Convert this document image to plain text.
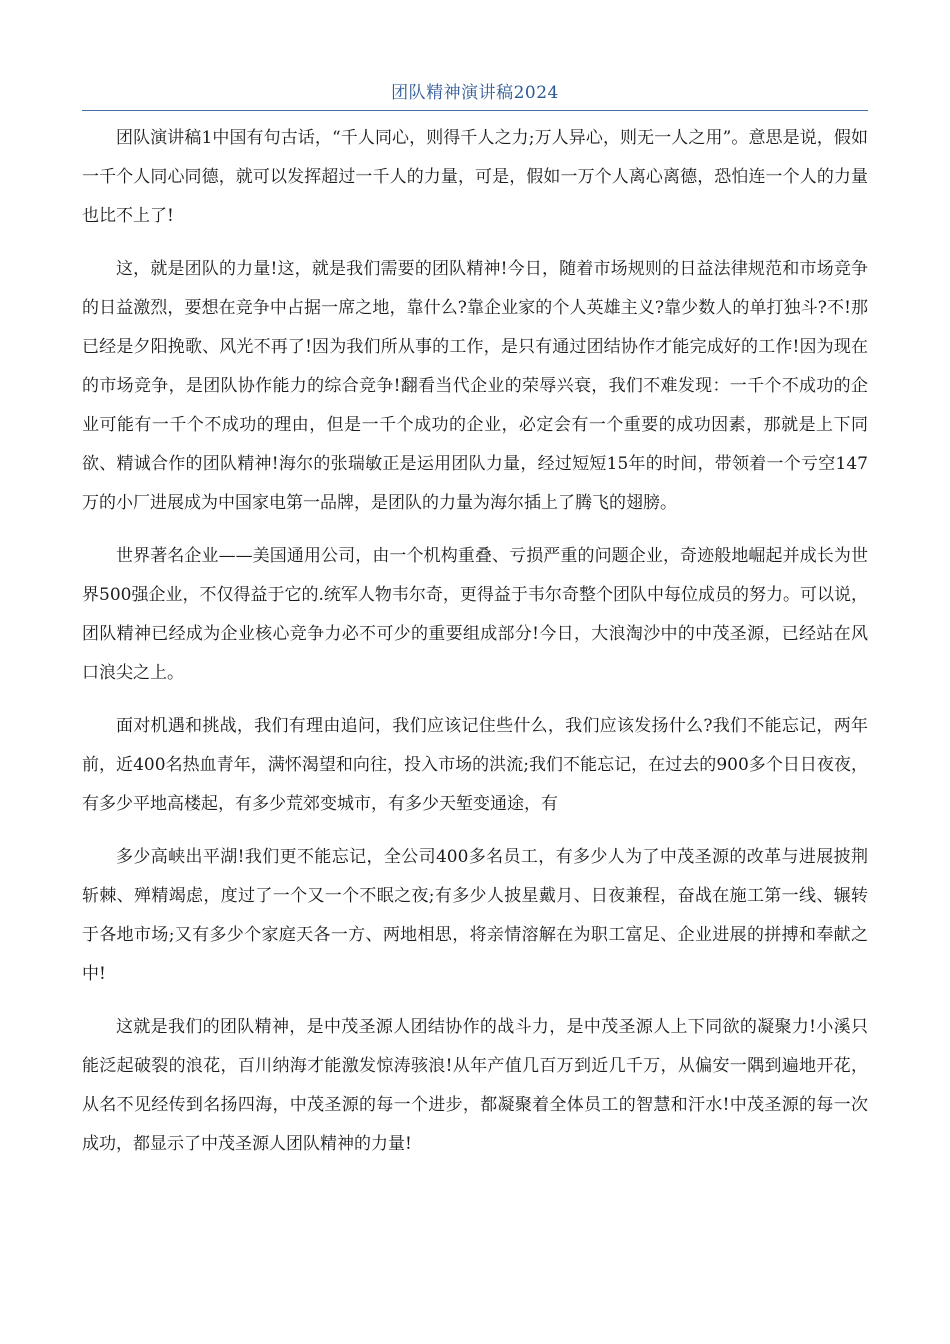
团队精神演讲稿2024

团队演讲稿1中国有句古话，“千人同心，则得千人之力;万人异心，则无一人之用”。意思是说，假如一千个人同心同德，就可以发挥超过一千人的力量，可是，假如一万个人离心离德，恐怕连一个人的力量也比不上了!

这，就是团队的力量!这，就是我们需要的团队精神!今日，随着市场规则的日益法律规范和市场竞争的日益激烈，要想在竞争中占据一席之地，靠什么?靠企业家的个人英雄主义?靠少数人的单打独斗?不!那已经是夕阳挽歌、风光不再了!因为我们所从事的工作，是只有通过团结协作才能完成好的工作!因为现在的市场竞争，是团队协作能力的综合竞争!翻看当代企业的荣辱兴衰，我们不难发现：一千个不成功的企业可能有一千个不成功的理由，但是一千个成功的企业，必定会有一个重要的成功因素，那就是上下同欲、精诚合作的团队精神!海尔的张瑞敏正是运用团队力量，经过短短15年的时间，带领着一个亏空147万的小厂进展成为中国家电第一品牌，是团队的力量为海尔插上了腾飞的翅膀。

世界著名企业——美国通用公司，由一个机构重叠、亏损严重的问题企业，奇迹般地崛起并成长为世界500强企业，不仅得益于它的.统军人物韦尔奇，更得益于韦尔奇整个团队中每位成员的努力。可以说，团队精神已经成为企业核心竞争力必不可少的重要组成部分!今日，大浪淘沙中的中茂圣源，已经站在风口浪尖之上。

面对机遇和挑战，我们有理由追问，我们应该记住些什么，我们应该发扬什么?我们不能忘记，两年前，近400名热血青年，满怀渴望和向往，投入市场的洪流;我们不能忘记，在过去的900多个日日夜夜，有多少平地高楼起，有多少荒郊变城市，有多少天堑变通途，有

多少高峡出平湖!我们更不能忘记，全公司400多名员工，有多少人为了中茂圣源的改革与进展披荆斩棘、殚精竭虑，度过了一个又一个不眠之夜;有多少人披星戴月、日夜兼程，奋战在施工第一线、辗转于各地市场;又有多少个家庭天各一方、两地相思，将亲情溶解在为职工富足、企业进展的拼搏和奉献之中!

这就是我们的团队精神，是中茂圣源人团结协作的战斗力，是中茂圣源人上下同欲的凝聚力!小溪只能泛起破裂的浪花，百川纳海才能激发惊涛骇浪!从年产值几百万到近几千万，从偏安一隅到遍地开花，从名不见经传到名扬四海，中茂圣源的每一个进步，都凝聚着全体员工的智慧和汗水!中茂圣源的每一次成功，都显示了中茂圣源人团队精神的力量!
